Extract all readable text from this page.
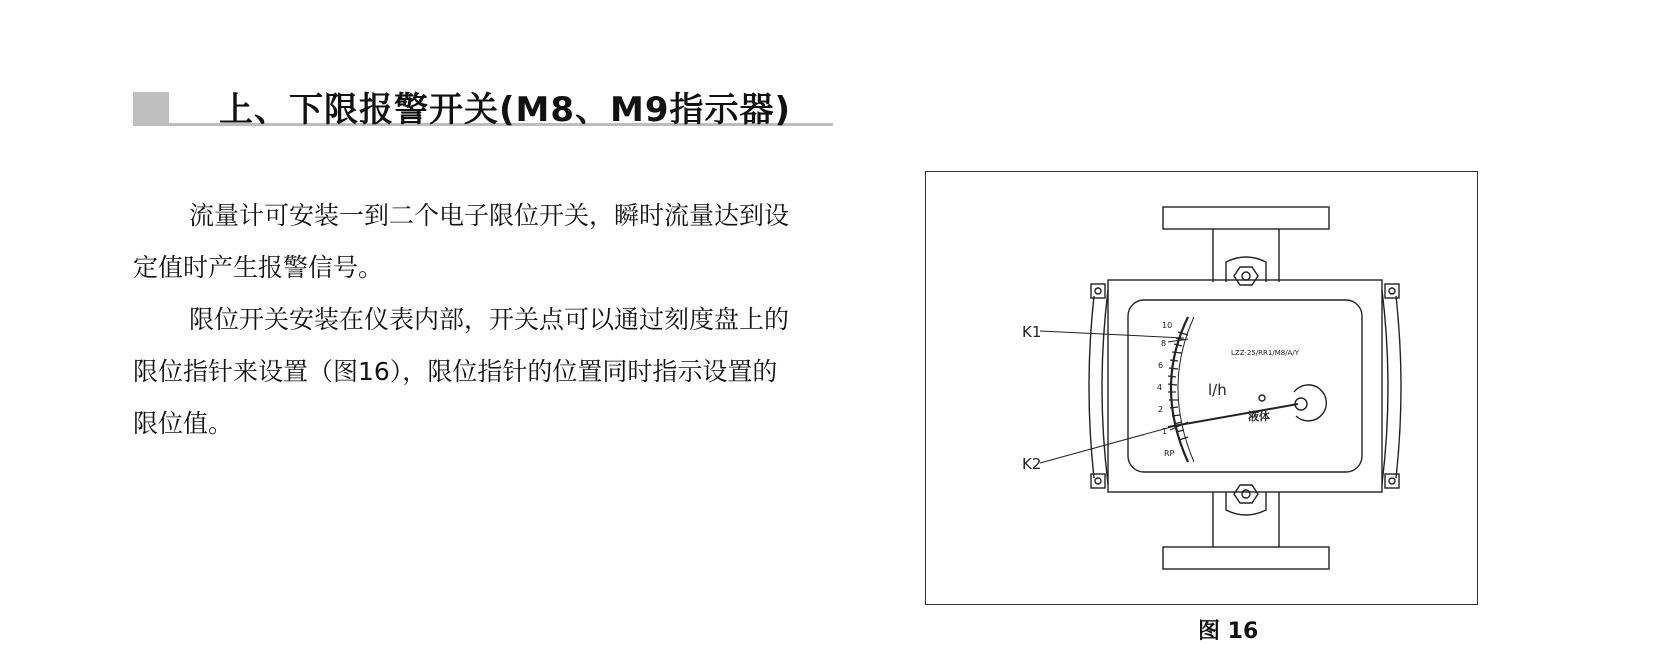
上、下限报警开关(M8、M9指示器)

流量计可安装一到二个电子限位开关，瞬时流量达到设定值时产生报警信号。

限位开关安装在仪表内部，开关点可以通过刻度盘上的限位指针来设置（图16），限位指针的位置同时指示设置的限位值。

10
8
6
4
2
1
RP
LZZ-25/RR1/M8/A/Y
l/h
液体
K1
K2
图 16
